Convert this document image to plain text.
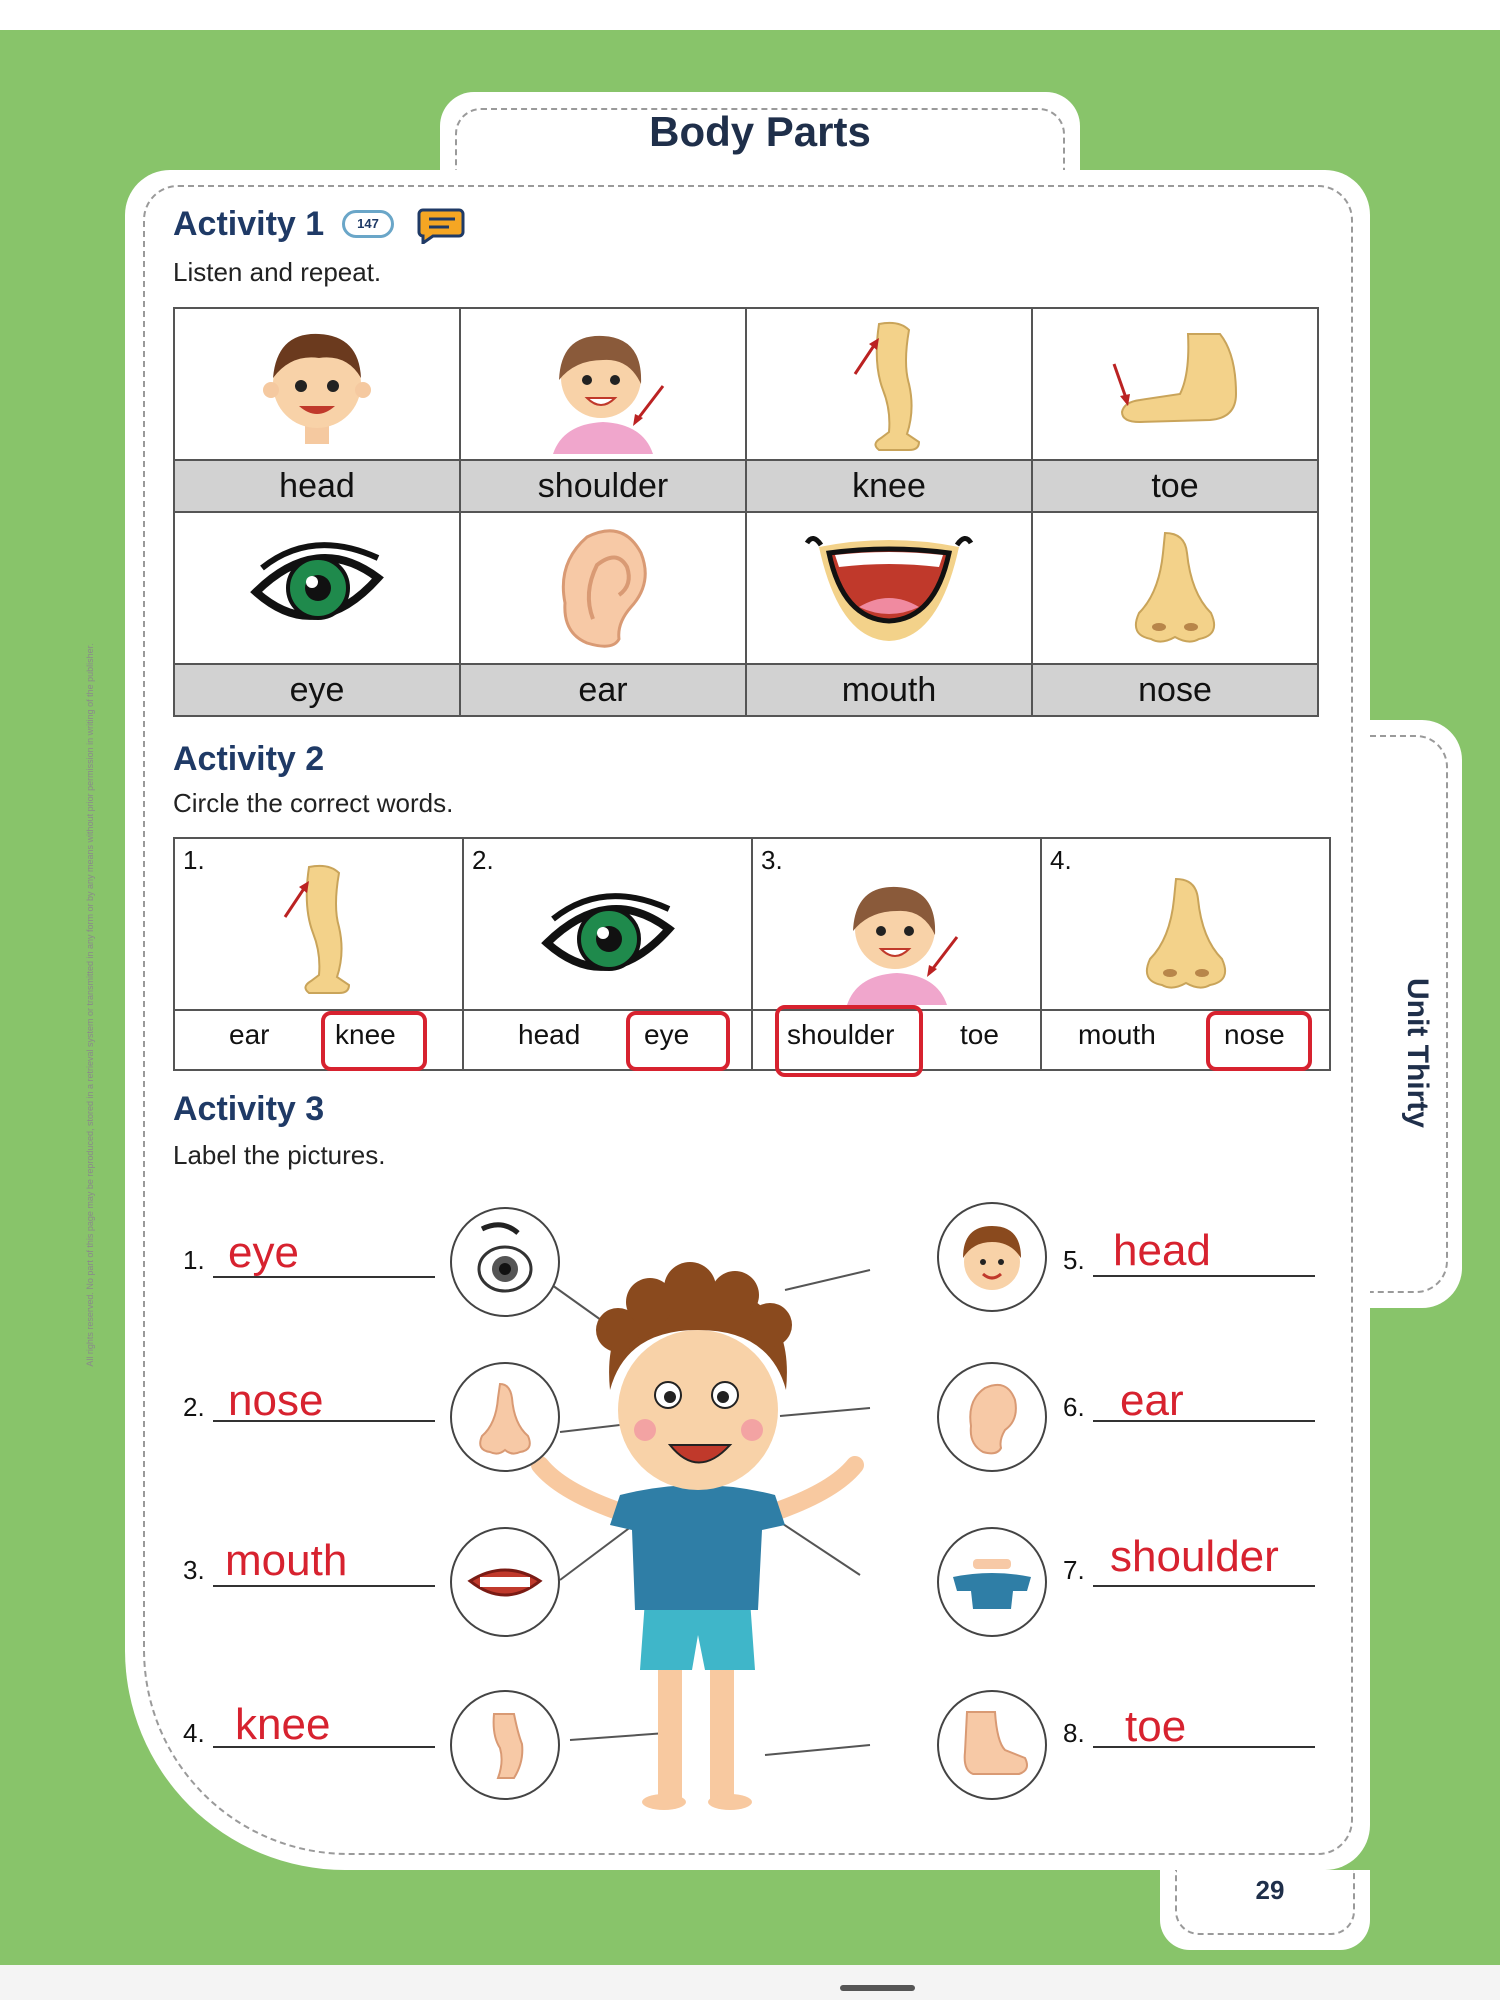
Body Parts
Unit Thirty
29
All rights reserved. No part of this page may be reproduced, stored in a retrieval system or transmitted in any form or by any means without prior permission in writing of the publisher.
Activity 1	147
Listen and repeat.

head	shoulder	knee	toe

eye	ear	mouth	nose
Activity 2
Circle the correct words.
1.	2.	3.	4.

ear knee	head eye	shoulder toe	mouth nose
Activity 3
Label the pictures.
1. eye
2. nose
3. mouth
4. knee
5. head
6. ear
7. shoulder
8. toe
